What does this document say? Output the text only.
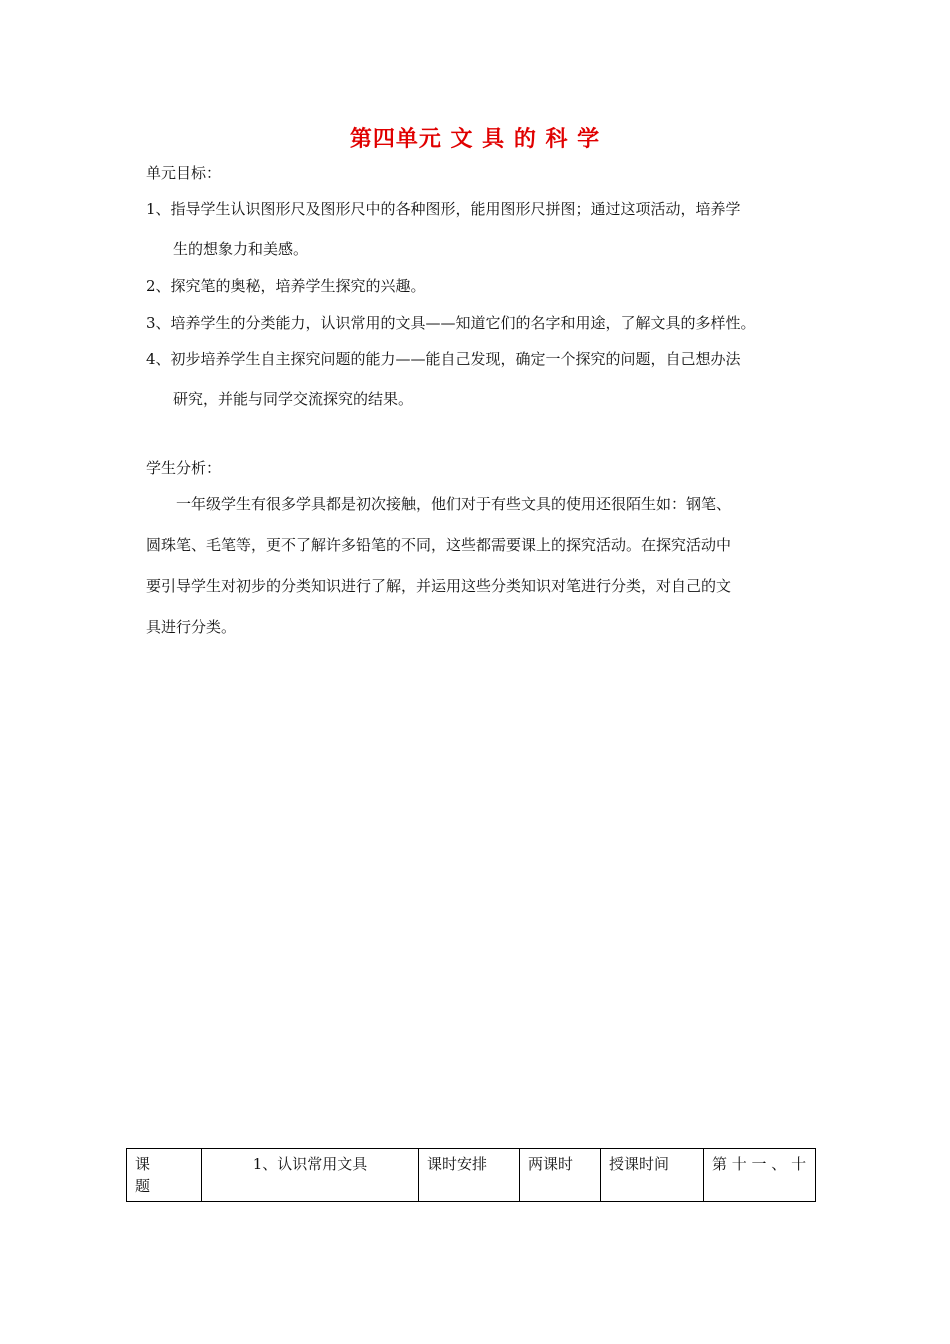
第四单元 文 具 的 科 学
单元目标：
1、指导学生认识图形尺及图形尺中的各种图形，能用图形尺拼图；通过这项活动，培养学
生的想象力和美感。
2、探究笔的奥秘，培养学生探究的兴趣。
3、培养学生的分类能力，认识常用的文具——知道它们的名字和用途，了解文具的多样性。
4、初步培养学生自主探究问题的能力——能自己发现，确定一个探究的问题，自己想办法
研究，并能与同学交流探究的结果。
学生分析：
一年级学生有很多学具都是初次接触，他们对于有些文具的使用还很陌生如：钢笔、
圆珠笔、毛笔等，更不了解许多铅笔的不同，这些都需要课上的探究活动。在探究活动中
要引导学生对初步的分类知识进行了解，并运用这些分类知识对笔进行分类，对自己的文
具进行分类。
课
题	1、认识常用文具	课时安排	两课时	授课时间	第 十 一 、 十
